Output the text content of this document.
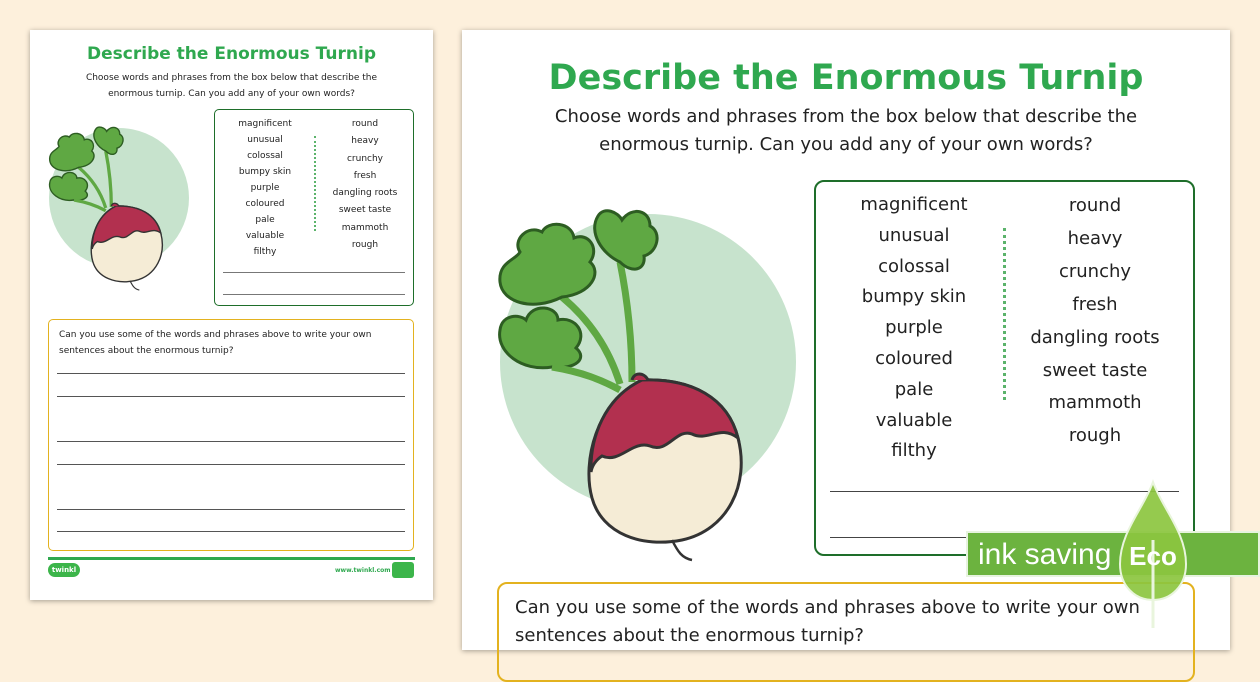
Describe the Enormous Turnip
Choose words and phrases from the box below that describe the
enormous turnip. Can you add any of your own words?
magnificent
unusual
colossal
bumpy skin
purple
coloured
pale
valuable
filthy
round
heavy
crunchy
fresh
dangling roots
sweet taste
mammoth
rough
Can you use some of the words and phrases above to write your own
sentences about the enormous turnip?
twinkl	www.twinkl.com
Describe the Enormous Turnip
Choose words and phrases from the box below that describe the
enormous turnip. Can you add any of your own words?
magnificent
unusual
colossal
bumpy skin
purple
coloured
pale
valuable
filthy
round
heavy
crunchy
fresh
dangling roots
sweet taste
mammoth
rough
Can you use some of the words and phrases above to write your own
sentences about the enormous turnip?
ink saving Eco
